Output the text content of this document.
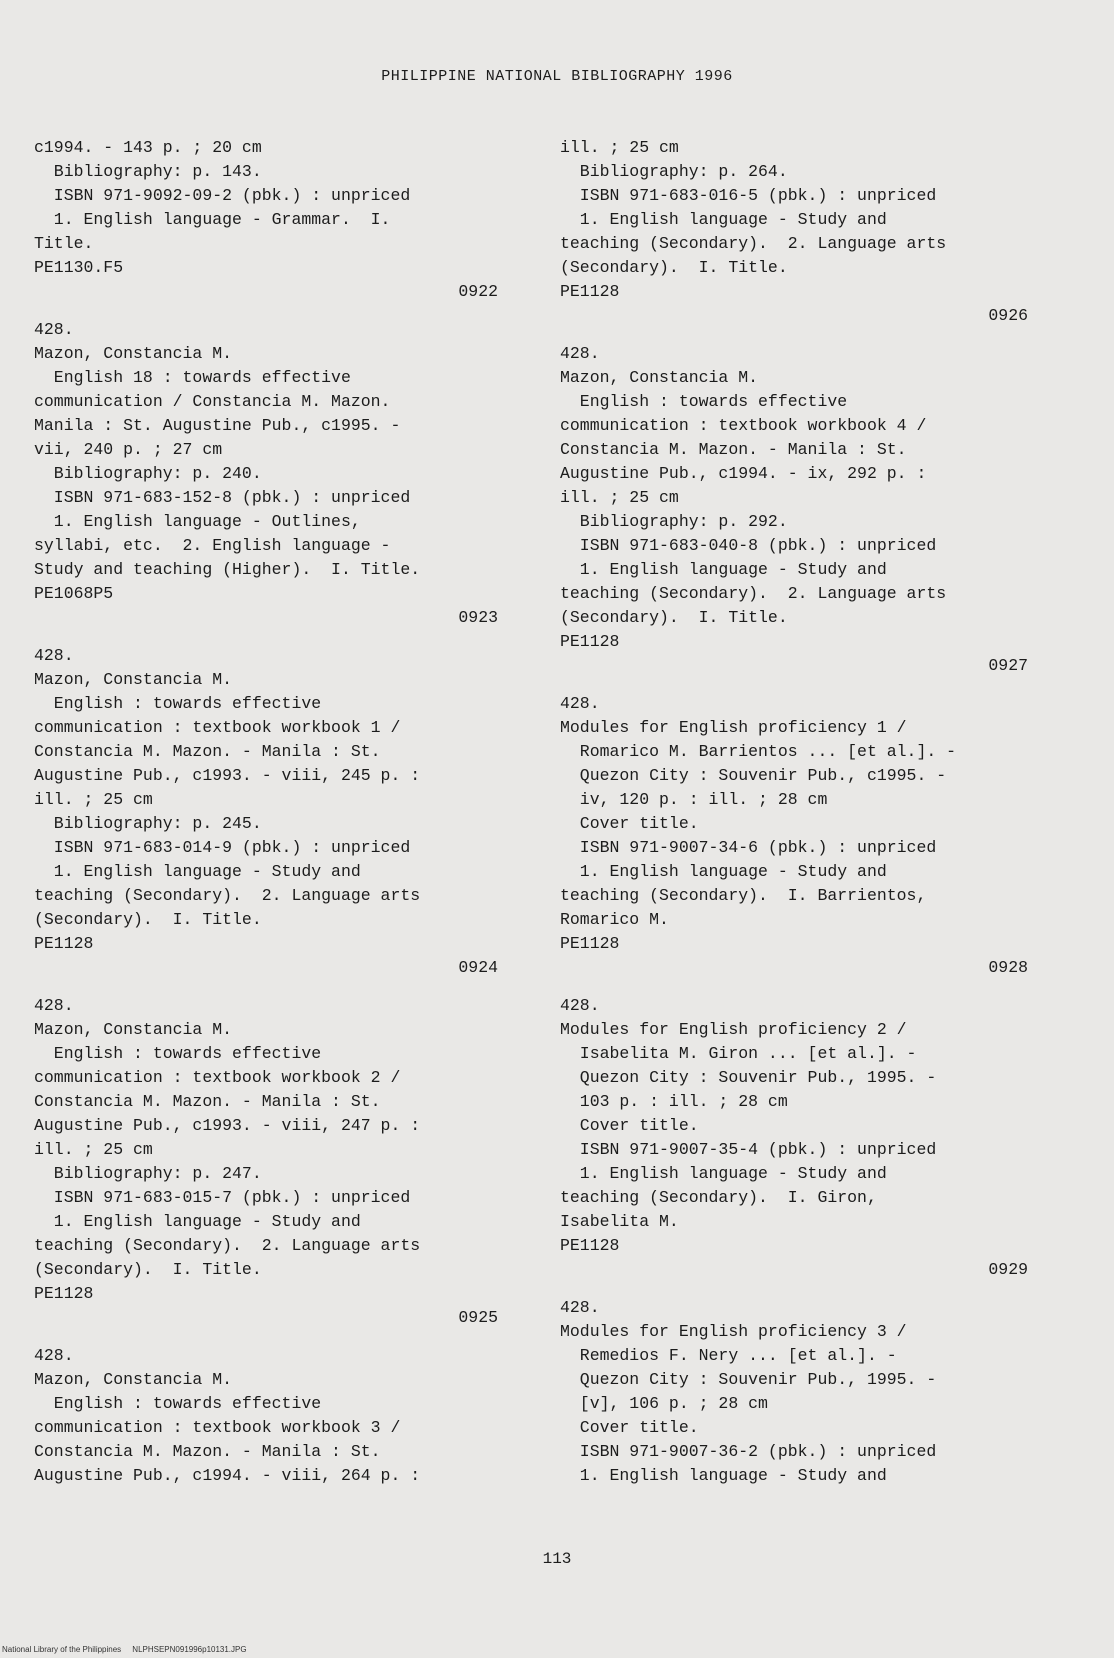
PHILIPPINE NATIONAL BIBLIOGRAPHY 1996
c1994. - 143 p. ; 20 cm
Bibliography: p. 143.
ISBN 971-9092-09-2 (pbk.) : unpriced
1. English language - Grammar.  I.
Title.
PE1130.F5
0922
428.
Mazon, Constancia M.
English 18 : towards effective
communication / Constancia M. Mazon.
Manila : St. Augustine Pub., c1995. -
vii, 240 p. ; 27 cm
Bibliography: p. 240.
ISBN 971-683-152-8 (pbk.) : unpriced
1. English language - Outlines,
syllabi, etc.  2. English language -
Study and teaching (Higher).  I. Title.
PE1068P5
0923
428.
Mazon, Constancia M.
English : towards effective
communication : textbook workbook 1 /
Constancia M. Mazon. - Manila : St.
Augustine Pub., c1993. - viii, 245 p. :
ill. ; 25 cm
Bibliography: p. 245.
ISBN 971-683-014-9 (pbk.) : unpriced
1. English language - Study and
teaching (Secondary).  2. Language arts
(Secondary).  I. Title.
PE1128
0924
428.
Mazon, Constancia M.
English : towards effective
communication : textbook workbook 2 /
Constancia M. Mazon. - Manila : St.
Augustine Pub., c1993. - viii, 247 p. :
ill. ; 25 cm
Bibliography: p. 247.
ISBN 971-683-015-7 (pbk.) : unpriced
1. English language - Study and
teaching (Secondary).  2. Language arts
(Secondary).  I. Title.
PE1128
0925
428.
Mazon, Constancia M.
English : towards effective
communication : textbook workbook 3 /
Constancia M. Mazon. - Manila : St.
Augustine Pub., c1994. - viii, 264 p. :
ill. ; 25 cm
Bibliography: p. 264.
ISBN 971-683-016-5 (pbk.) : unpriced
1. English language - Study and
teaching (Secondary).  2. Language arts
(Secondary).  I. Title.
PE1128
0926
428.
Mazon, Constancia M.
English : towards effective
communication : textbook workbook 4 /
Constancia M. Mazon. - Manila : St.
Augustine Pub., c1994. - ix, 292 p. :
ill. ; 25 cm
Bibliography: p. 292.
ISBN 971-683-040-8 (pbk.) : unpriced
1. English language - Study and
teaching (Secondary).  2. Language arts
(Secondary).  I. Title.
PE1128
0927
428.
Modules for English proficiency 1 /
Romarico M. Barrientos ... [et al.]. -
Quezon City : Souvenir Pub., c1995. -
iv, 120 p. : ill. ; 28 cm
Cover title.
ISBN 971-9007-34-6 (pbk.) : unpriced
1. English language - Study and
teaching (Secondary).  I. Barrientos,
Romarico M.
PE1128
0928
428.
Modules for English proficiency 2 /
Isabelita M. Giron ... [et al.]. -
Quezon City : Souvenir Pub., 1995. -
103 p. : ill. ; 28 cm
Cover title.
ISBN 971-9007-35-4 (pbk.) : unpriced
1. English language - Study and
teaching (Secondary).  I. Giron,
Isabelita M.
PE1128
0929
428.
Modules for English proficiency 3 /
Remedios F. Nery ... [et al.]. -
Quezon City : Souvenir Pub., 1995. -
[v], 106 p. ; 28 cm
Cover title.
ISBN 971-9007-36-2 (pbk.) : unpriced
1. English language - Study and
113
National Library of the Philippines     NLPHSEPN091996p10131.JPG
